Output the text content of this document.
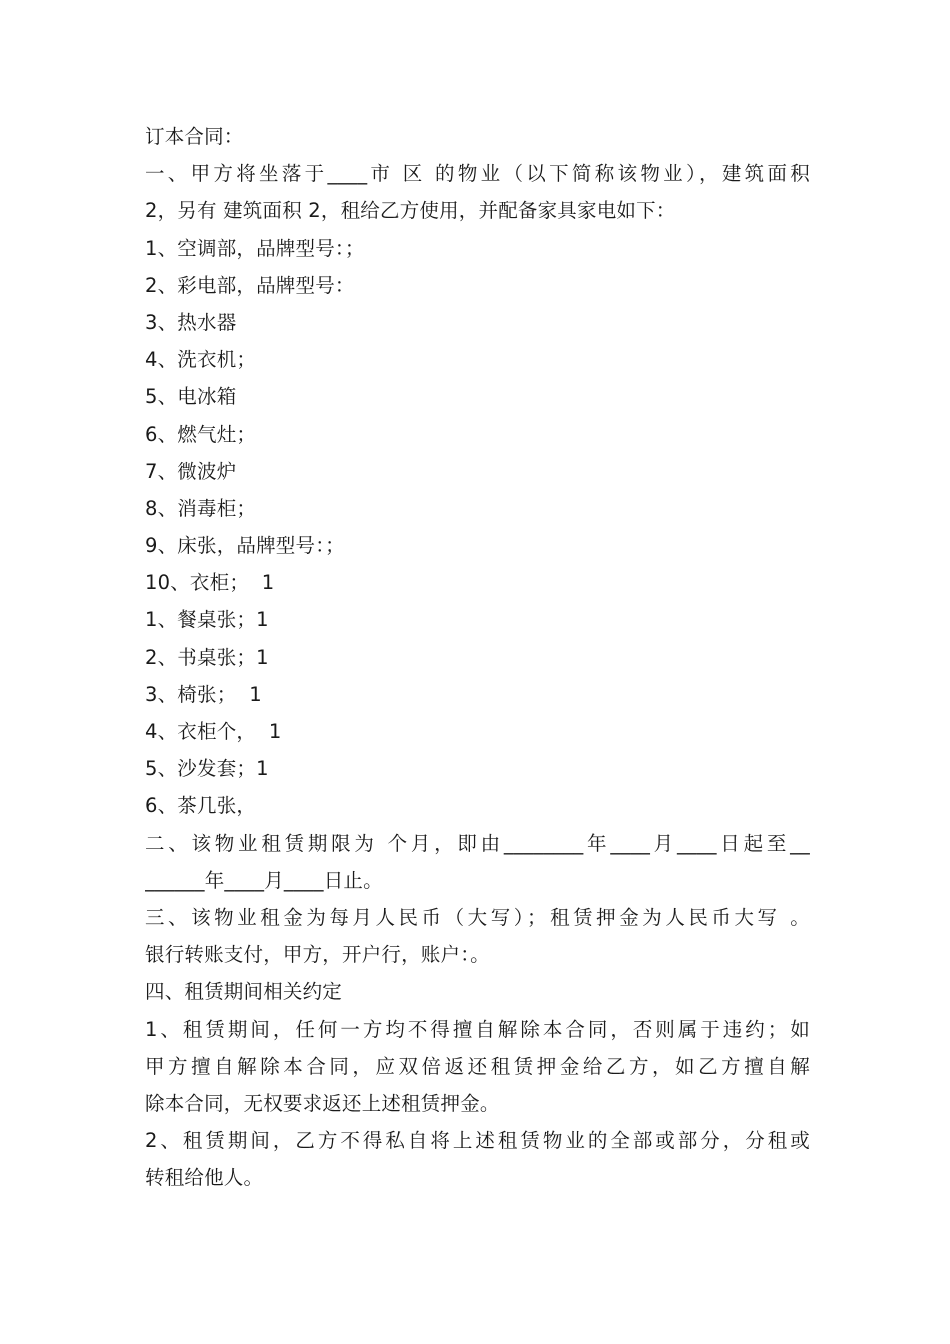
订本合同：
一、甲方将坐落于____市 区 的物业（以下简称该物业），建筑面积
2，另有 建筑面积 2，租给乙方使用，并配备家具家电如下：
1、空调部，品牌型号：；
2、彩电部，品牌型号：
3、热水器
4、洗衣机；
5、电冰箱
6、燃气灶；
7、微波炉
8、消毒柜；
9、床张，品牌型号：；
10、衣柜；  1
1、餐桌张；1
2、书桌张；1
3、椅张；  1
4、衣柜个，  1
5、沙发套；1
6、茶几张，
二、该物业租赁期限为 个月，即由________年____月____日起至__
______年____月____日止。
三、该物业租金为每月人民币（大写）；租赁押金为人民币大写 。
银行转账支付，甲方，开户行，账户：。
四、租赁期间相关约定
1、租赁期间，任何一方均不得擅自解除本合同，否则属于违约；如
甲方擅自解除本合同，应双倍返还租赁押金给乙方，如乙方擅自解
除本合同，无权要求返还上述租赁押金。
2、租赁期间，乙方不得私自将上述租赁物业的全部或部分，分租或
转租给他人。
